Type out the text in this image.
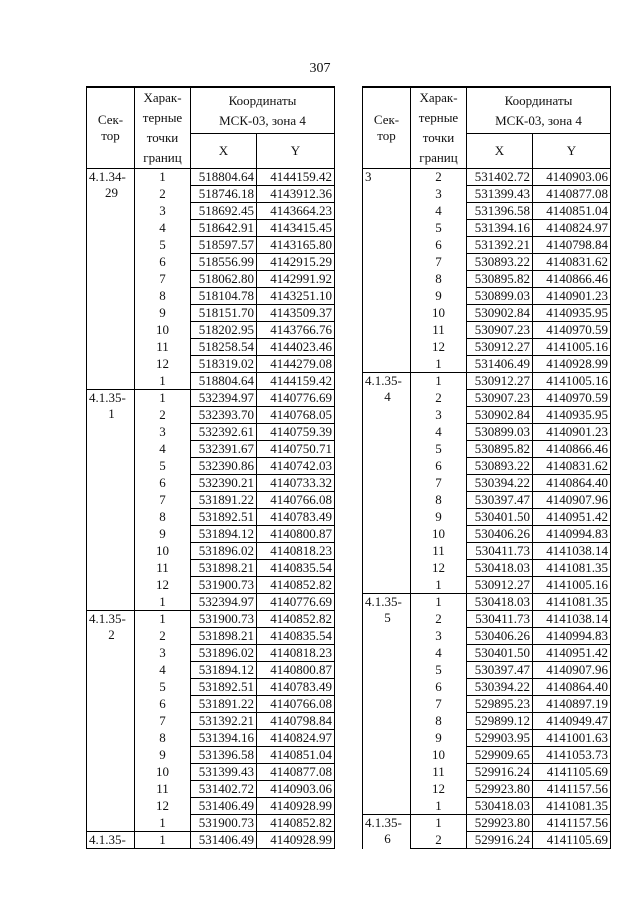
307
Сек-
тор	Харак-
терные
точки
границ	Координаты
МСК-03, зона 4	
		X	Y

4.1.34-
29	1	518804.64	4144159.42
	2	518746.18	4143912.36
	3	518692.45	4143664.23
	4	518642.91	4143415.45
	5	518597.57	4143165.80
	6	518556.99	4142915.29
	7	518062.80	4142991.92
	8	518104.78	4143251.10
	9	518151.70	4143509.37
	10	518202.95	4143766.76
	11	518258.54	4144023.46
	12	518319.02	4144279.08
	1	518804.64	4144159.42

4.1.35-
1	1	532394.97	4140776.69
	2	532393.70	4140768.05
	3	532392.61	4140759.39
	4	532391.67	4140750.71
	5	532390.86	4140742.03
	6	532390.21	4140733.32
	7	531891.22	4140766.08
	8	531892.51	4140783.49
	9	531894.12	4140800.87
	10	531896.02	4140818.23
	11	531898.21	4140835.54
	12	531900.73	4140852.82
	1	532394.97	4140776.69

4.1.35-
2	1	531900.73	4140852.82
	2	531898.21	4140835.54
	3	531896.02	4140818.23
	4	531894.12	4140800.87
	5	531892.51	4140783.49
	6	531891.22	4140766.08
	7	531392.21	4140798.84
	8	531394.16	4140824.97
	9	531396.58	4140851.04
	10	531399.43	4140877.08
	11	531402.72	4140903.06
	12	531406.49	4140928.99
	1	531900.73	4140852.82

4.1.35-	1	531406.49	4140928.99
Сек-
тор	Харак-
терные
точки
границ	Координаты
МСК-03, зона 4	
		X	Y

3	2	531402.72	4140903.06
	3	531399.43	4140877.08
	4	531396.58	4140851.04
	5	531394.16	4140824.97
	6	531392.21	4140798.84
	7	530893.22	4140831.62
	8	530895.82	4140866.46
	9	530899.03	4140901.23
	10	530902.84	4140935.95
	11	530907.23	4140970.59
	12	530912.27	4141005.16
	1	531406.49	4140928.99

4.1.35-
4	1	530912.27	4141005.16
	2	530907.23	4140970.59
	3	530902.84	4140935.95
	4	530899.03	4140901.23
	5	530895.82	4140866.46
	6	530893.22	4140831.62
	7	530394.22	4140864.40
	8	530397.47	4140907.96
	9	530401.50	4140951.42
	10	530406.26	4140994.83
	11	530411.73	4141038.14
	12	530418.03	4141081.35
	1	530912.27	4141005.16

4.1.35-
5	1	530418.03	4141081.35
	2	530411.73	4141038.14
	3	530406.26	4140994.83
	4	530401.50	4140951.42
	5	530397.47	4140907.96
	6	530394.22	4140864.40
	7	529895.23	4140897.19
	8	529899.12	4140949.47
	9	529903.95	4141001.63
	10	529909.65	4141053.73
	11	529916.24	4141105.69
	12	529923.80	4141157.56
	1	530418.03	4141081.35

4.1.35-
6	1	529923.80	4141157.56
	2	529916.24	4141105.69
